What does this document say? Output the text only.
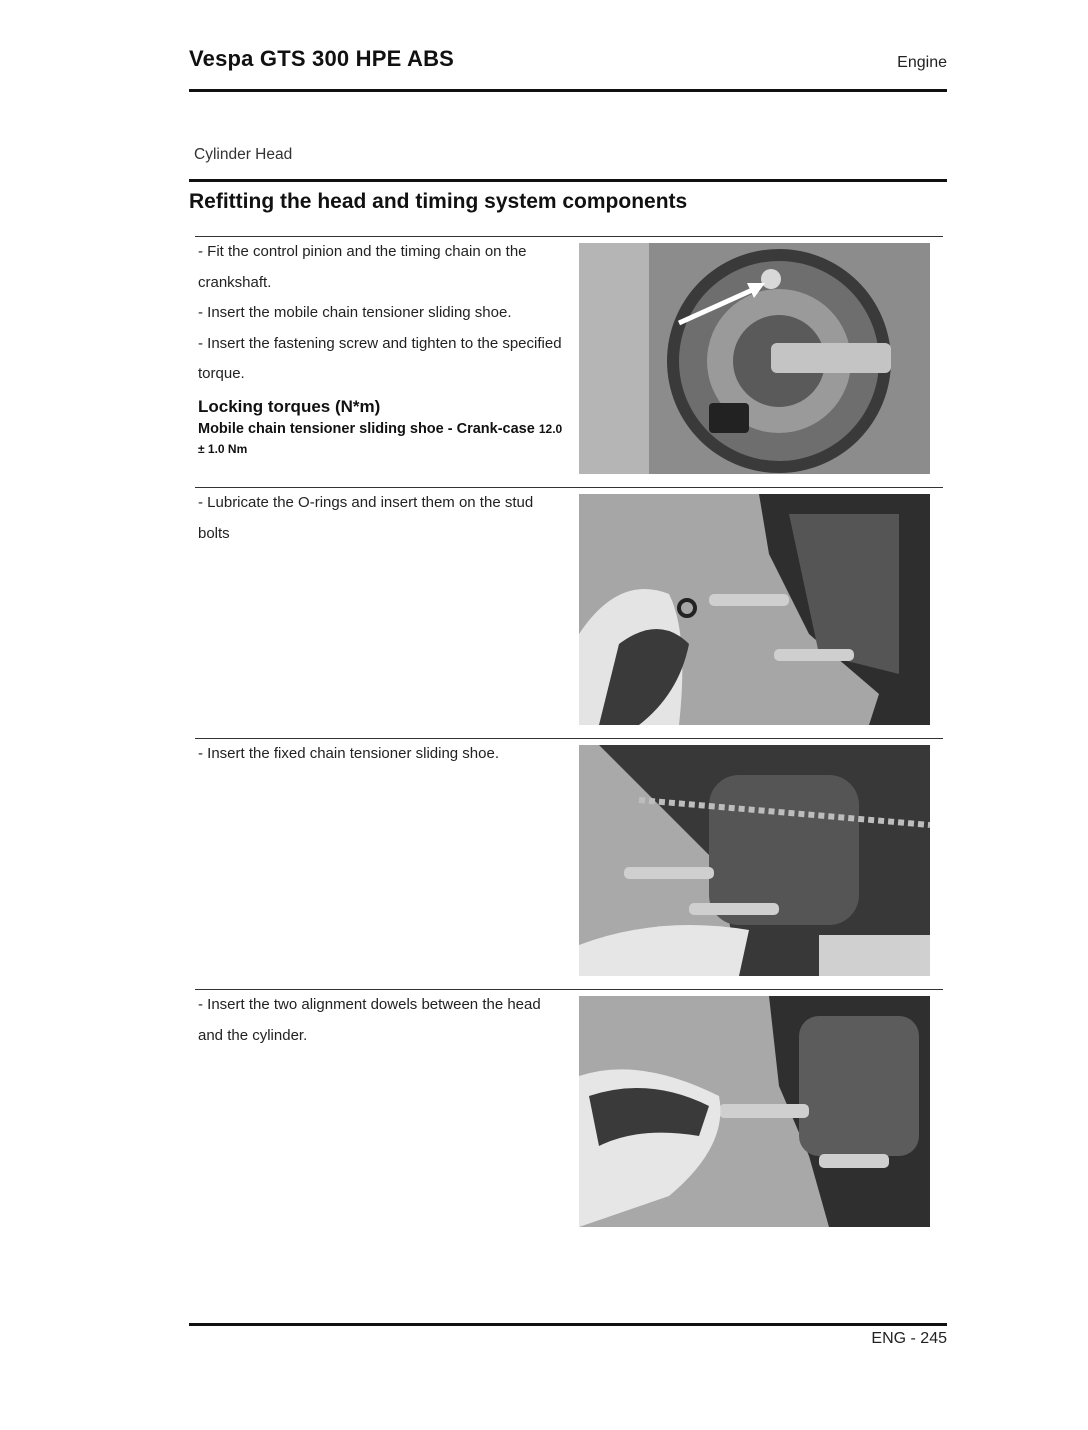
Vespa GTS 300 HPE ABS	Engine
Cylinder Head
Refitting the head and timing system components

- Fit the control pinion and the timing chain on the crankshaft.

- Insert the mobile chain tensioner sliding shoe.

- Insert the fastening screw and tighten to the specified torque.

Locking torques (N*m)

Mobile chain tensioner sliding shoe - Crank-case 12.0 ± 1.0 Nm

- Lubricate the O-rings and insert them on the stud bolts

- Insert the fixed chain tensioner sliding shoe.

- Insert the two alignment dowels between the head and the cylinder.

ENG - 245
